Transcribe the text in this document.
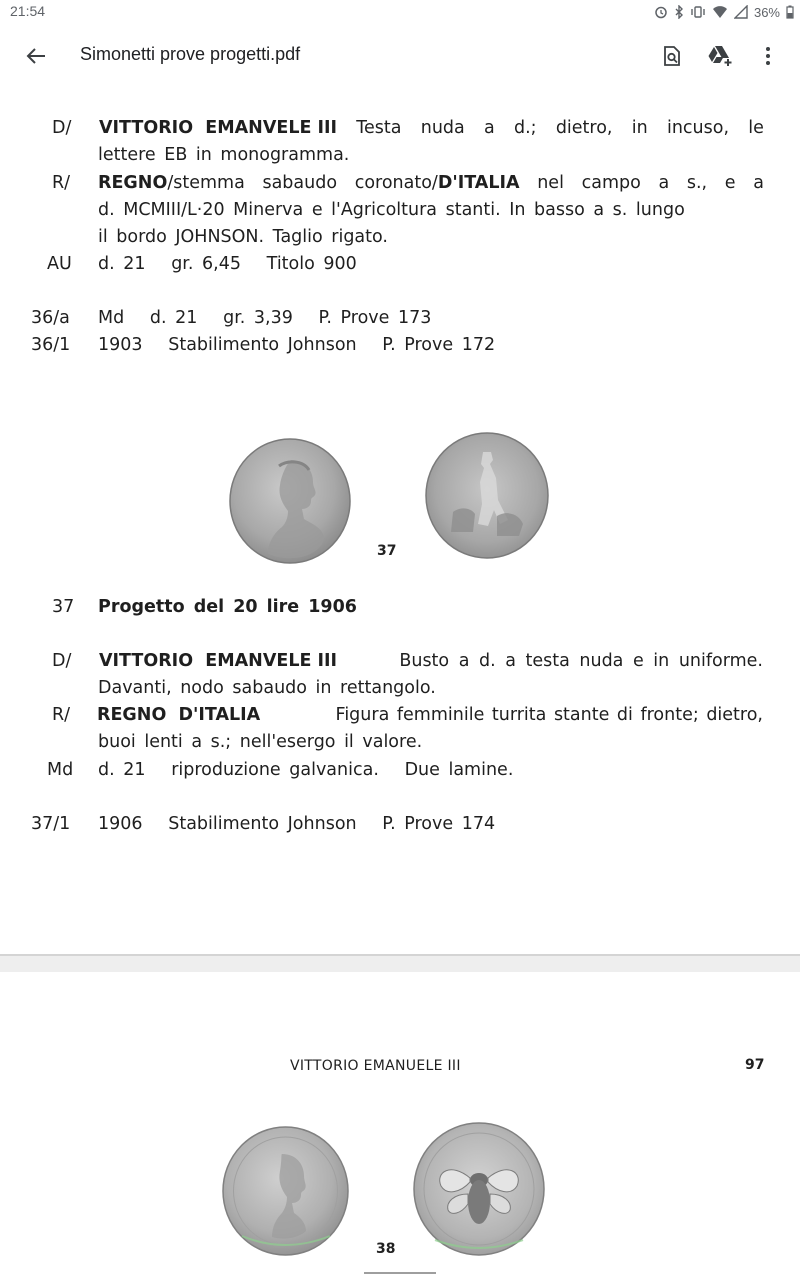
21:54	36%
Simonetti prove progetti.pdf
D/ VITTORIO  EMANVELE III Testa nuda a d.; dietro, in incuso, le
lettere EB in monogramma.
R/ REGNO/stemma sabaudo coronato/D'ITALIA nel campo a s., e a
d. MCMIII/L·20 Minerva e l'Agricoltura stanti. In basso a s. lungo
il bordo JOHNSON. Taglio rigato.
AU d. 21   gr. 6,45   Titolo 900
36/a Md   d. 21   gr. 3,39   P. Prove 173
36/1 1903   Stabilimento Johnson   P. Prove 172
37
37 Progetto del 20 lire 1906
D/ VITTORIO  EMANVELE III	Busto a d. a testa nuda e in uniforme.
Davanti, nodo sabaudo in rettangolo.
R/ REGNO  D'ITALIA	Figura femminile turrita stante di fronte; dietro,
buoi lenti a s.; nell'esergo il valore.
Md d. 21   riproduzione galvanica.   Due lamine.
37/1 1906   Stabilimento Johnson   P. Prove 174
VITTORIO EMANUELE III	97
38
